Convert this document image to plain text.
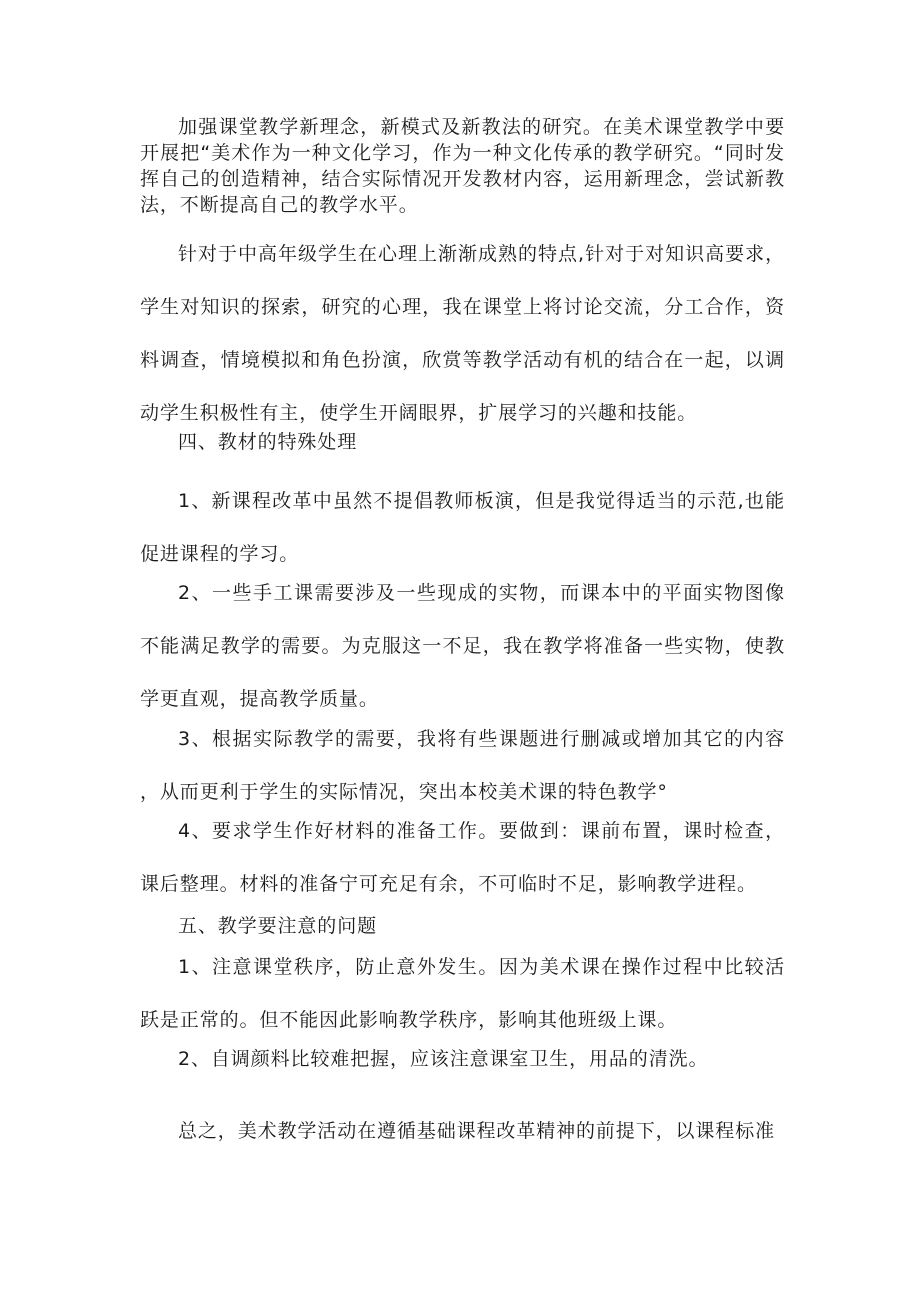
加强课堂教学新理念，新模式及新教法的研究。在美术课堂教学中要开展把“美术作为一种文化学习，作为一种文化传承的教学研究。“同时发挥自己的创造精神，结合实际情况开发教材内容，运用新理念，尝试新教法，不断提高自己的教学水平。

针对于中高年级学生在心理上渐渐成熟的特点,针对于对知识高要求，学生对知识的探索，研究的心理，我在课堂上将讨论交流，分工合作，资料调查，情境模拟和角色扮演，欣赏等教学活动有机的结合在一起，以调动学生积极性有主，使学生开阔眼界，扩展学习的兴趣和技能。

四、教材的特殊处理

1、新课程改革中虽然不提倡教师板演，但是我觉得适当的示范,也能促进课程的学习。

2、一些手工课需要涉及一些现成的实物，而课本中的平面实物图像不能满足教学的需要。为克服这一不足，我在教学将准备一些实物，使教学更直观，提高教学质量。

3、根据实际教学的需要，我将有些课题进行删减或增加其它的内容，从而更利于学生的实际情况，突出本校美术课的特色教学°

4、要求学生作好材料的准备工作。要做到：课前布置，课时检查，课后整理。材料的准备宁可充足有余，不可临时不足，影响教学进程。

五、教学要注意的问题

1、注意课堂秩序，防止意外发生。因为美术课在操作过程中比较活跃是正常的。但不能因此影响教学秩序，影响其他班级上课。

2、自调颜料比较难把握，应该注意课室卫生，用品的清洗。

总之，美术教学活动在遵循基础课程改革精神的前提下，以课程标准
